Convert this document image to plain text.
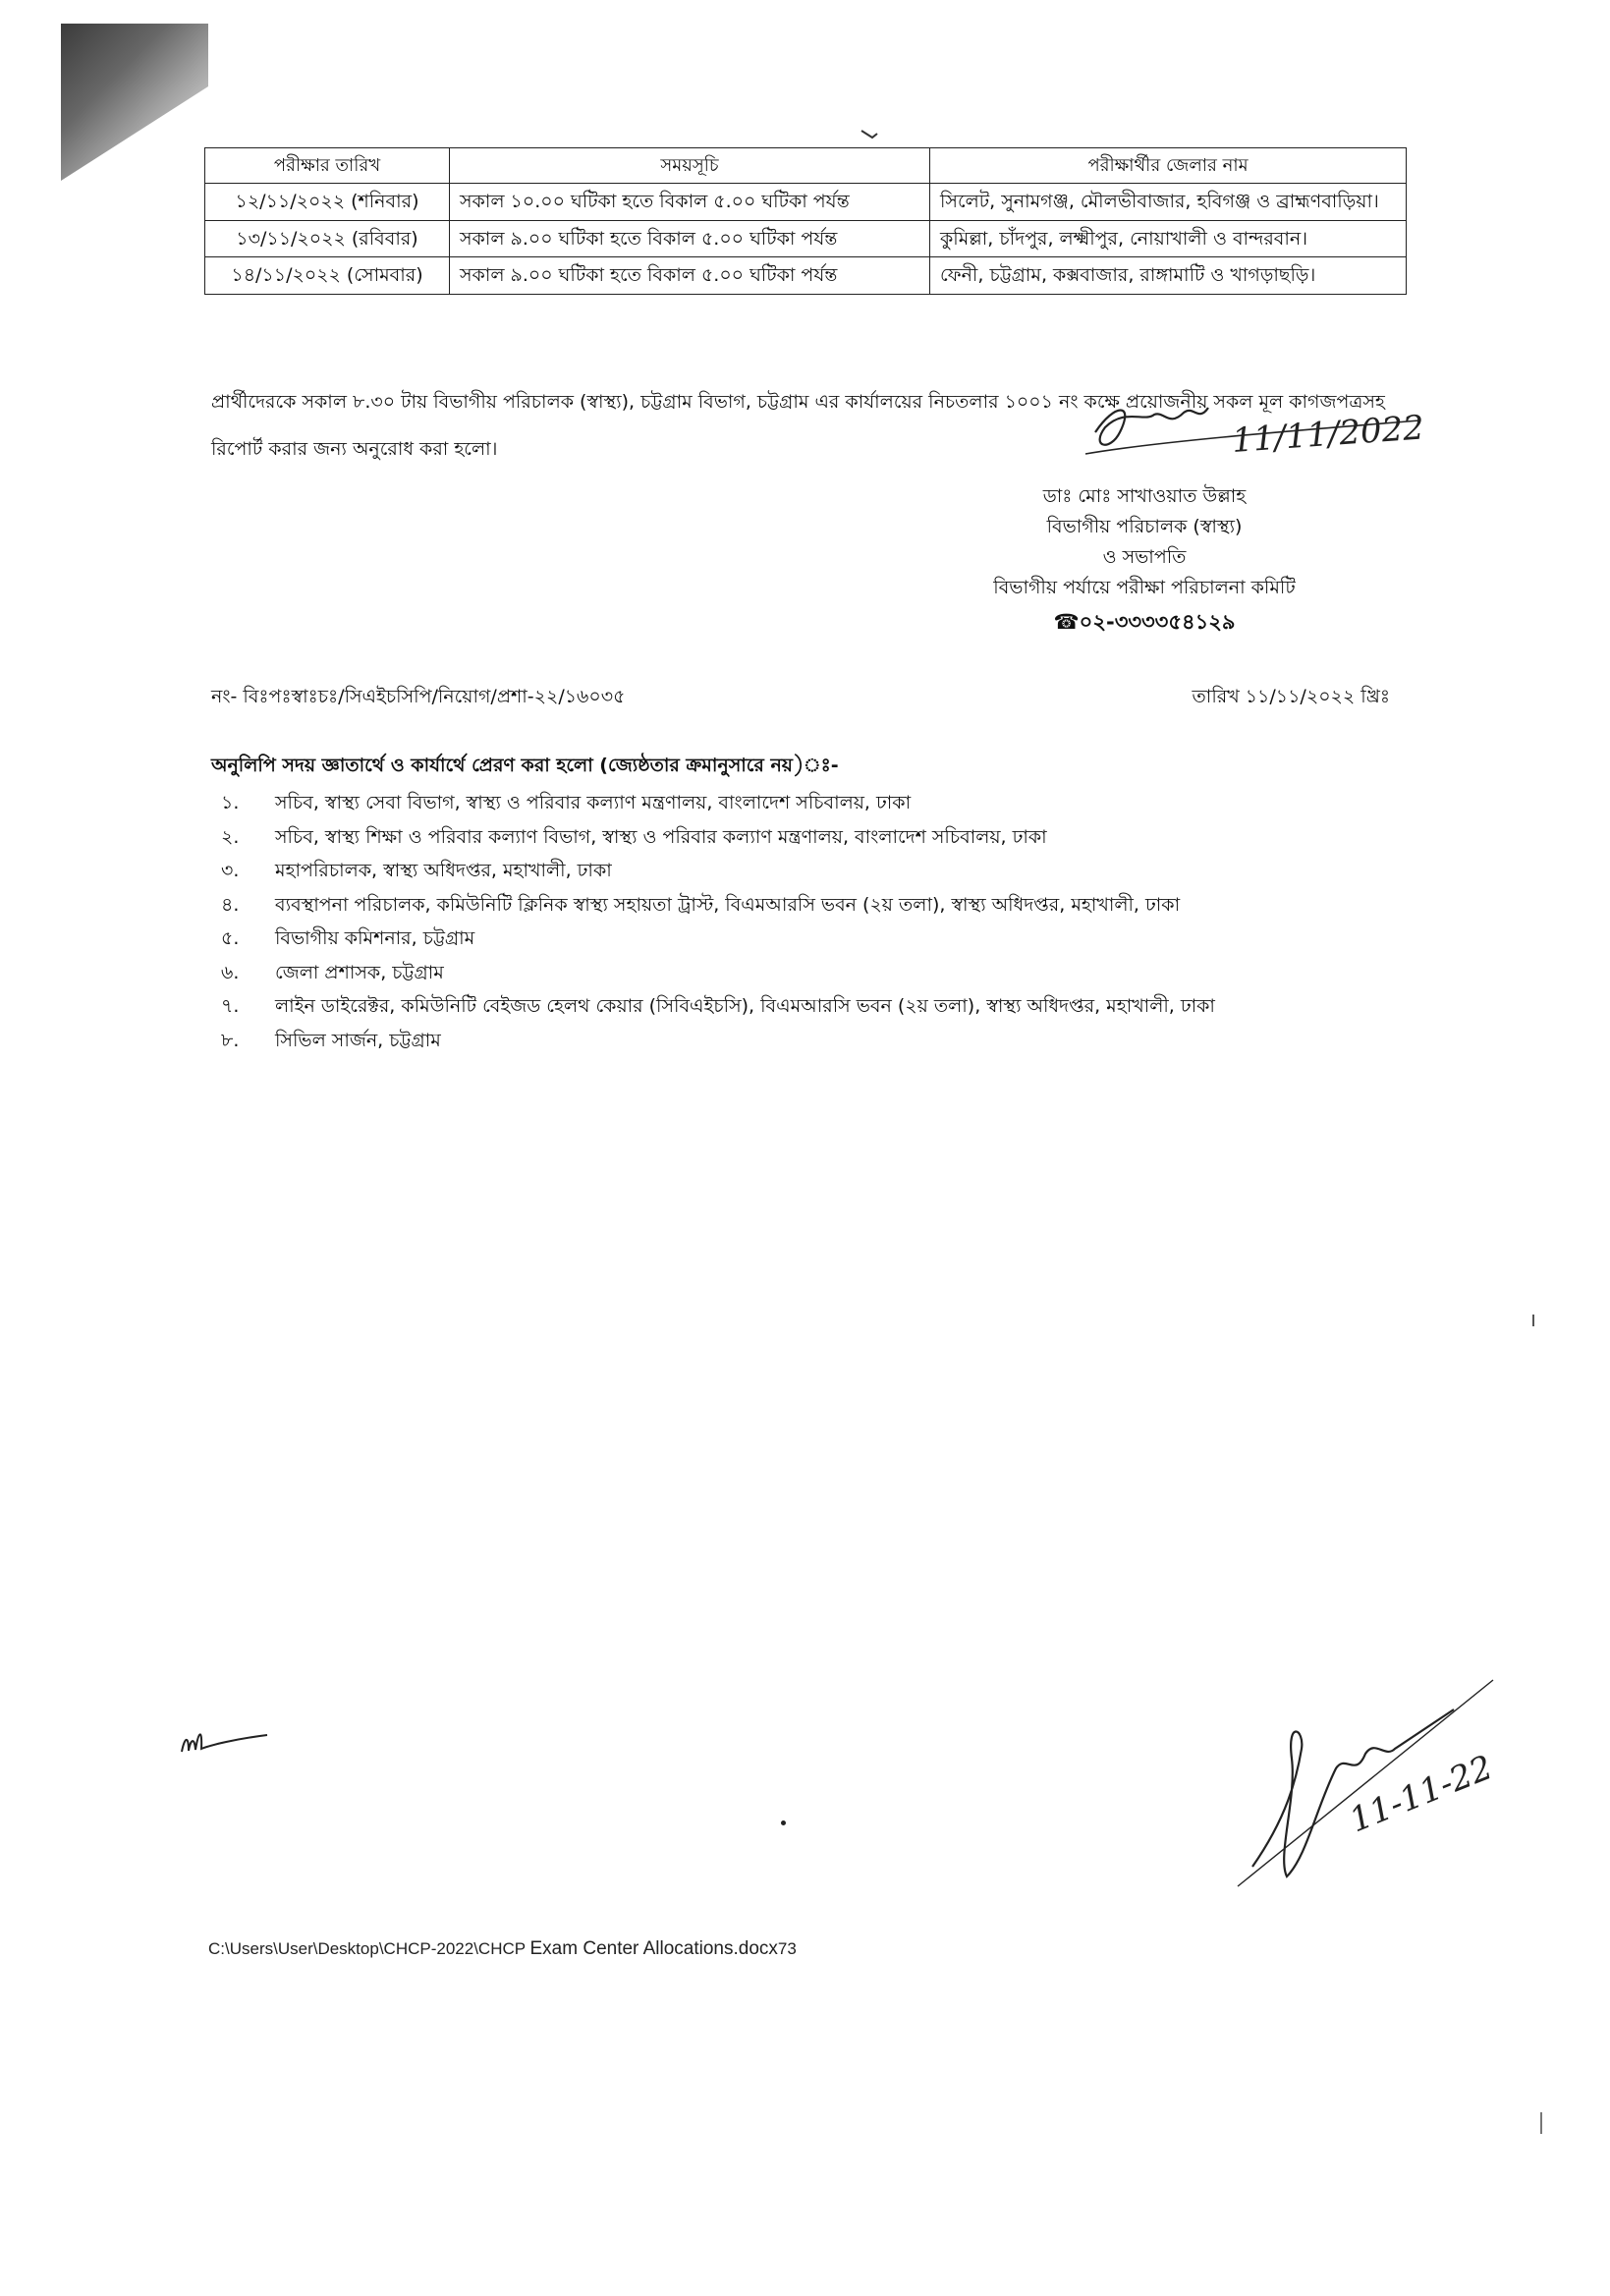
পরীক্ষার তারিখ	সময়সূচি	পরীক্ষার্থীর জেলার নাম
১২/১১/২০২২ (শনিবার)	সকাল ১০.০০ ঘটিকা হতে বিকাল ৫.০০ ঘটিকা পর্যন্ত	সিলেট, সুনামগঞ্জ, মৌলভীবাজার, হবিগঞ্জ ও ব্রাহ্মণবাড়িয়া।
১৩/১১/২০২২ (রবিবার)	সকাল ৯.০০ ঘটিকা হতে বিকাল ৫.০০ ঘটিকা পর্যন্ত	কুমিল্লা, চাঁদপুর, লক্ষ্মীপুর, নোয়াখালী ও বান্দরবান।
১৪/১১/২০২২ (সোমবার)	সকাল ৯.০০ ঘটিকা হতে বিকাল ৫.০০ ঘটিকা পর্যন্ত	ফেনী, চট্টগ্রাম, কক্সবাজার, রাঙ্গামাটি ও খাগড়াছড়ি।
প্রার্থীদেরকে সকাল ৮.৩০ টায় বিভাগীয় পরিচালক (স্বাস্থ্য), চট্টগ্রাম বিভাগ, চট্টগ্রাম এর কার্যালয়ের নিচতলার ১০০১ নং কক্ষে প্রয়োজনীয় সকল মূল কাগজপত্রসহ রিপোর্ট করার জন্য অনুরোধ করা হলো।	11/11/2022
ডাঃ মোঃ সাখাওয়াত উল্লাহ
বিভাগীয় পরিচালক (স্বাস্থ্য)
ও সভাপতি
বিভাগীয় পর্যায়ে পরীক্ষা পরিচালনা কমিটি
☎০২-৩৩৩৩৫৪১২৯
নং- বিঃপঃস্বাঃচঃ/সিএইচসিপি/নিয়োগ/প্রশা-২২/১৬০৩৫	তারিখ ১১/১১/২০২২ খ্রিঃ
অনুলিপি সদয় জ্ঞাতার্থে ও কার্যার্থে প্রেরণ করা হলো (জ্যেষ্ঠতার ক্রমানুসারে নয়)ঃ-
১.	সচিব, স্বাস্থ্য সেবা বিভাগ, স্বাস্থ্য ও পরিবার কল্যাণ মন্ত্রণালয়, বাংলাদেশ সচিবালয়, ঢাকা
২.	সচিব, স্বাস্থ্য শিক্ষা ও পরিবার কল্যাণ বিভাগ, স্বাস্থ্য ও পরিবার কল্যাণ মন্ত্রণালয়, বাংলাদেশ সচিবালয়, ঢাকা
৩.	মহাপরিচালক, স্বাস্থ্য অধিদপ্তর, মহাখালী, ঢাকা
৪.	ব্যবস্থাপনা পরিচালক, কমিউনিটি ক্লিনিক স্বাস্থ্য সহায়তা ট্রাস্ট, বিএমআরসি ভবন (২য় তলা), স্বাস্থ্য অধিদপ্তর, মহাখালী, ঢাকা
৫.	বিভাগীয় কমিশনার, চট্টগ্রাম
৬.	জেলা প্রশাসক, চট্টগ্রাম
৭.	লাইন ডাইরেক্টর, কমিউনিটি বেইজড হেলথ কেয়ার (সিবিএইচসি), বিএমআরসি ভবন (২য় তলা), স্বাস্থ্য অধিদপ্তর, মহাখালী, ঢাকা
৮.	সিভিল সার্জন, চট্টগ্রাম
C:\Users\User\Desktop\CHCP-2022\CHCP Exam Center Allocations.docx73
11-11-22
